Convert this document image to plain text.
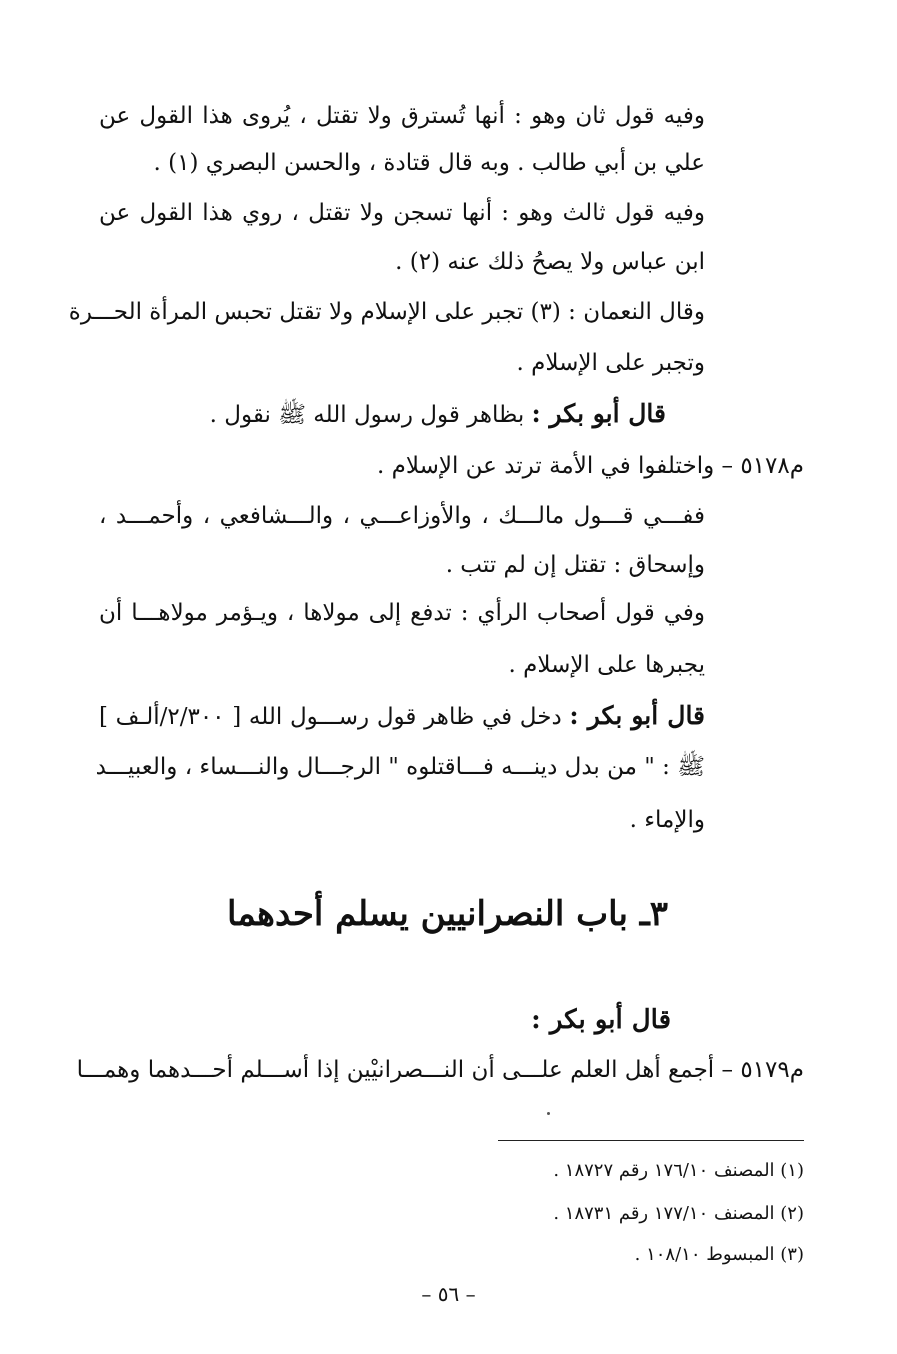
وفيه قول ثان وهو : أنها تُسترق ولا تقتل ، يُروى هذا القول عن
علي بن أبي طالب . وبه قال قتادة ، والحسن البصري (١) .
وفيه قول ثالث وهو : أنها تسجن ولا تقتل ، روي هذا القول عن
ابن عباس ولا يصحُ ذلك عنه (٢) .
وقال النعمان : (٣) تجبر على الإسلام ولا تقتل تحبس المرأة الحـــرة
وتجبر على الإسلام .
قال أبو بكر : بظاهر قول رسول الله ﷺ نقول .
م٥١٧٨ – واختلفوا في الأمة ترتد عن الإسلام .
ففـــي قـــول مالـــك ، والأوزاعـــي ، والـــشافعي ، وأحمـــد ،
وإسحاق : تقتل إن لم تتب .
وفي قول أصحاب الرأي : تدفع إلى مولاها ، ويـؤمر مولاهـــا أن
يجبرها على الإسلام .
قال أبو بكر : دخل في ظاهر قول رســـول الله [ ٢/٣٠٠/ألـف ]
ﷺ : " من بدل دينـــه فـــاقتلوه " الرجـــال والنـــساء ، والعبيـــد
والإماء .
٣ـ باب النصرانيين يسلم أحدهما
قال أبو بكر :
م٥١٧٩ – أجمع أهل العلم علـــى أن النـــصرانيْين إذا أســـلم أحـــدهما وهمـــا
(١) المصنف ١٧٦/١٠ رقم ١٨٧٢٧ .
(٢) المصنف ١٧٧/١٠ رقم ١٨٧٣١ .
(٣) المبسوط ١٠٨/١٠ .
– ٥٦ –
